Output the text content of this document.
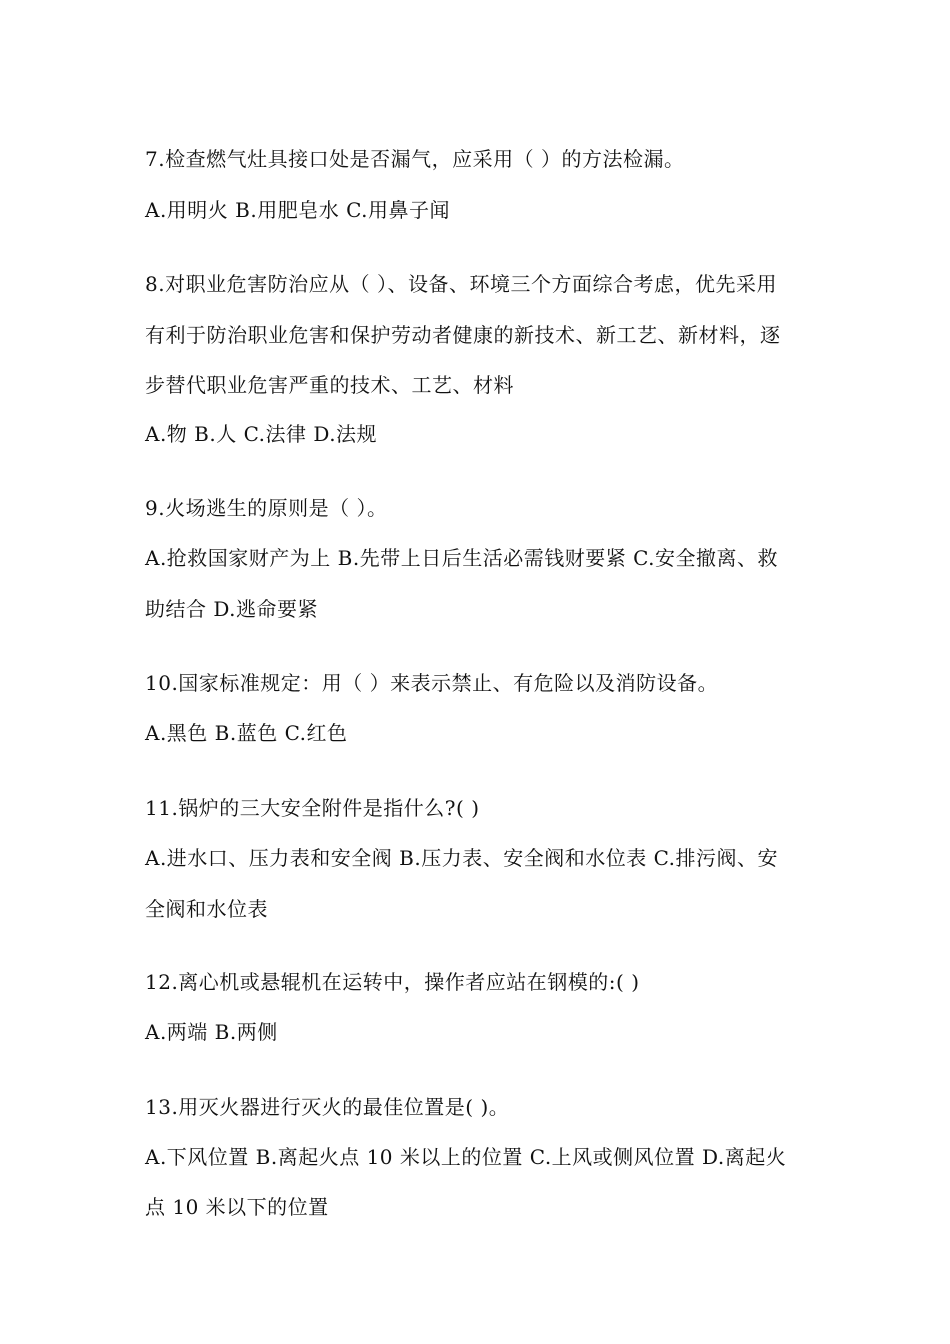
7.检查燃气灶具接口处是否漏气，应采用（ ）的方法检漏。
A.用明火 B.用肥皂水 C.用鼻子闻
8.对职业危害防治应从（ ）、设备、环境三个方面综合考虑，优先采用
有利于防治职业危害和保护劳动者健康的新技术、新工艺、新材料，逐
步替代职业危害严重的技术、工艺、材料
A.物 B.人 C.法律 D.法规
9.火场逃生的原则是（ ）。
A.抢救国家财产为上 B.先带上日后生活必需钱财要紧 C.安全撤离、救
助结合 D.逃命要紧
10.国家标准规定：用（ ）来表示禁止、有危险以及消防设备。
A.黑色 B.蓝色 C.红色
11.锅炉的三大安全附件是指什么?( )
A.进水口、压力表和安全阀 B.压力表、安全阀和水位表 C.排污阀、安
全阀和水位表
12.离心机或悬辊机在运转中，操作者应站在钢模的:( )
A.两端 B.两侧
13.用灭火器进行灭火的最佳位置是( )。
A.下风位置 B.离起火点 10 米以上的位置 C.上风或侧风位置 D.离起火
点 10 米以下的位置
